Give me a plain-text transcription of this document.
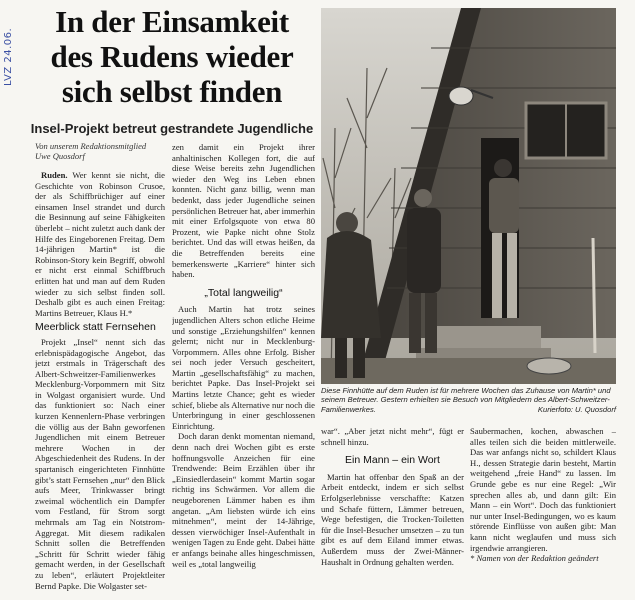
LVZ 24.06.
In der Einsamkeit
des Rudens wieder
sich selbst finden
Insel-Projekt betreut gestrandete Jugendliche
Von unserem Redaktionsmitglied
Uwe Quosdorf

Ruden. Wer kennt sie nicht, die Geschichte von Robinson Crusoe, der als Schiffbrüchiger auf einer einsamen Insel strandet und durch die Besinnung auf seine Fähigkeiten überlebt – nicht zuletzt auch dank der Hilfe des Eingeborenen Freitag. Dem 14-jährigen Martin* ist die Robinson-Story kein Begriff, obwohl er nicht erst einmal Schiffbruch erlitten hat und man auf dem Ruden wieder zu sich selbst finden soll. Deshalb gibt es auch einen Freitag: Martins Betreuer, Klaus H.*

Meerblick statt Fernsehen

Projekt „Insel“ nennt sich das erlebnispädagogische Angebot, das jetzt erstmals in Trägerschaft des Albert-Schweitzer-Familienwerkes Mecklenburg-Vorpommern mit Sitz in Wolgast organisiert wurde. Und das funktioniert so: Nach einer kurzen Kennenlern-Phase verbringen die völlig aus der Bahn geworfenen Jugendlichen mit einem Betreuer mehrere Wochen in der Abgeschiedenheit des Rudens. In der spartanisch eingerichteten Finnhütte gibt’s statt Fernsehen „nur“ den Blick aufs Meer, Trinkwasser bringt zweimal wöchentlich ein Dampfer vom Festland, für Strom sorgt mehrmals am Tag ein Notstrom-Aggregat. Mit diesem radikalen Schnitt sollen die Betreffenden „Schritt für Schritt wieder fähig gemacht werden, in der Gesellschaft zu leben“, erläutert Projektleiter Bernd Papke. Die Wolgaster set-

zen damit ein Projekt ihrer anhaltinischen Kollegen fort, die auf diese Weise bereits zehn Jugendlichen wieder den Weg ins Leben ebnen konnten. Nicht ganz billig, wenn man bedenkt, dass jeder Jugendliche seinen persönlichen Betreuer hat, aber immerhin mit einer Erfolgsquote von etwa 80 Prozent, wie Papke nicht ohne Stolz berichtet. Und das will etwas heißen, da die Betreffenden bereits eine bemerkenswerte „Karriere“ hinter sich haben.

„Total langweilig“

Auch Martin hat trotz seines jugendlichen Alters schon etliche Heime und sonstige „Erziehungshilfen“ kennen gelernt; nicht nur in Mecklenburg-Vorpommern. Alles ohne Erfolg. Bisher sei noch jeder Versuch gescheitert, Martin „gesellschaftsfähig“ zu machen, berichtet Papke. Das Insel-Projekt sei Martins letzte Chance; geht es wieder schief, bliebe als Alternative nur noch die Unterbringung in einer geschlossenen Einrichtung.

Doch daran denkt momentan niemand, denn nach drei Wochen gibt es erste hoffnungsvolle Anzeichen für eine Trendwende: Beim Erzählen über ihr „Einsiedlerdasein“ kommt Martin sogar richtig ins Schwärmen. Vor allem die neugeborenen Lämmer haben es ihm angetan. „Am liebsten würde ich eins mitnehmen“, meint der 14-Jährige, dessen vierwöchiger Insel-Aufenthalt in wenigen Tagen zu Ende geht. Dabei hätte er anfangs beinahe alles hingeschmissen, weil es „total langweilig

Diese Finnhütte auf dem Ruden ist für mehrere Wochen das Zuhause von Martin* und seinem Betreuer. Gestern erhielten sie Besuch von Mitgliedern des Albert-Schweitzer-Familienwerkes.	Kurierfoto: U. Quosdorf

war“. „Aber jetzt nicht mehr“, fügt er schnell hinzu.

Ein Mann – ein Wort

Martin hat offenbar den Spaß an der Arbeit entdeckt, indem er sich selbst Erfolgserlebnisse verschaffte: Katzen und Schafe füttern, Lämmer betreuen, Wege befestigen, die Trocken-Toiletten für die Insel-Besucher umsetzen – zu tun gibt es auf dem Eiland immer etwas. Außerdem muss der Zwei-Männer-Haushalt in Ordnung gehalten werden.

Saubermachen, kochen, abwaschen – alles teilen sich die beiden mittlerweile. Das war anfangs nicht so, schildert Klaus H., dessen Strategie darin besteht, Martin weitgehend „freie Hand“ zu lassen. Im Grunde gebe es nur eine Regel: „Wir sprechen alles ab, und dann gilt: Ein Mann – ein Wort“. Doch das funktioniert nur unter Insel-Bedingungen, wo es kaum störende Einflüsse von außen gibt: Man kann nicht weglaufen und muss sich irgendwie arrangieren.

* Namen von der Redaktion geändert
